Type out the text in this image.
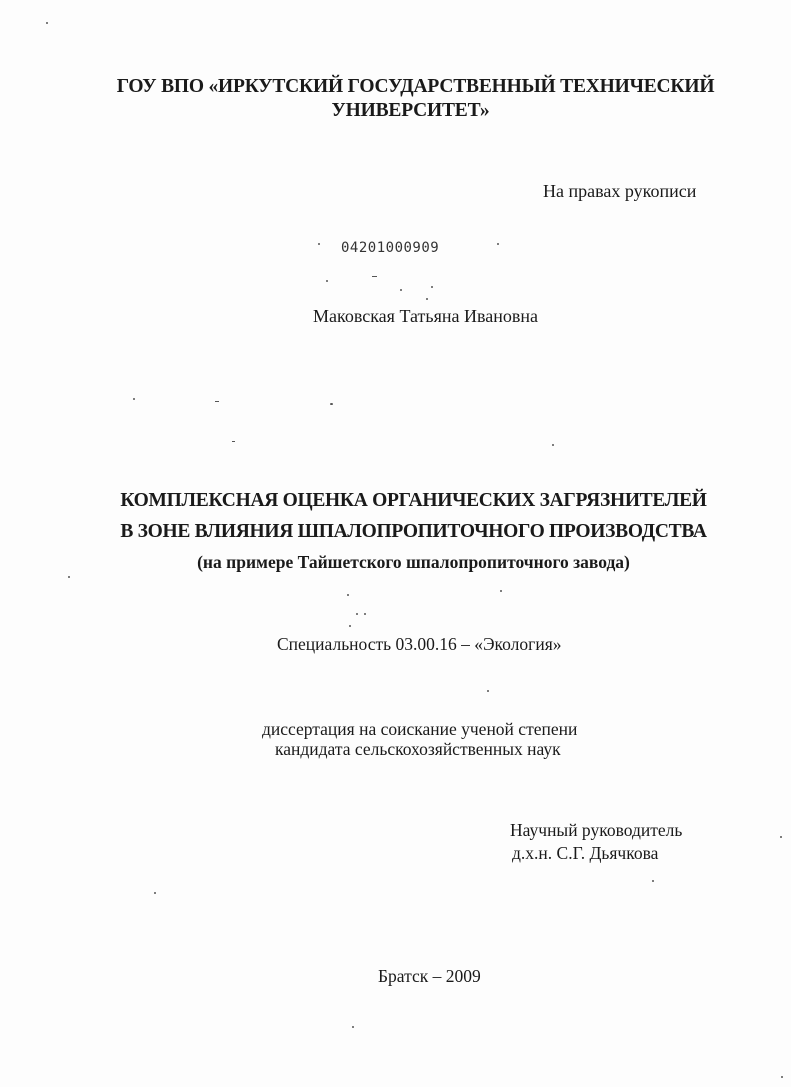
ГОУ ВПО «ИРКУТСКИЙ ГОСУДАРСТВЕННЫЙ ТЕХНИЧЕСКИЙ
УНИВЕРСИТЕТ»
На правах рукописи
04201000909
Маковская Татьяна Ивановна
КОМПЛЕКСНАЯ ОЦЕНКА ОРГАНИЧЕСКИХ ЗАГРЯЗНИТЕЛЕЙ
В ЗОНЕ ВЛИЯНИЯ ШПАЛОПРОПИТОЧНОГО ПРОИЗВОДСТВА
(на примере Тайшетского шпалопропиточного завода)
Специальность 03.00.16 – «Экология»
диссертация на соискание ученой степени
кандидата сельскохозяйственных наук
Научный руководитель
д.х.н. С.Г. Дьячкова
Братск – 2009
